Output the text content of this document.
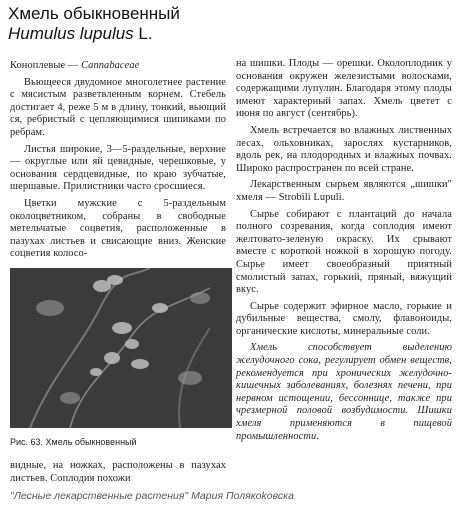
Хмель обыкновенный
Humulus lupulus L.

Коноплевые — Cannabaceae

Вьющееся двудомное многолетнее растение с мясистым разветвленным корнем. Стебель достигает 4, реже 5 м в длину, тонкий, вьющий ся, ребристый с цепляющимися шипиками по ребрам.

Листья широкие, 3—5-раздельные, верхние — округлые или яй цевидные, черешковые, у основания сердцевидные, по краю зубчатые, шершавые. Прилистники часто сросшиеся.

Цветки мужские с 5-раздельным околоцветником, собраны в свободные метельчатые соцветия, расположенные в пазухах листьев и свисающие вниз. Женские соцветия колосо-

Рис. 63. Хмель обыкновенный

видные, на ножках, расположены в пазухах листьев. Соплодия похожи

на шишки. Плоды — орешки. Околоплодник у основания окружен железистыми волосками, содержащими лупулин. Благодаря этому плоды имеют характерный запах. Хмель цветет с июня по август (сентябрь).

Хмель встречается во влажных лиственных лесах, ольховниках, зарослях кустарников, вдоль рек, на плодородных и влажных почвах. Широко распространен по всей стране.

Лекарственным сырьем являются „шишки" хмеля — Strobili Lupuli.

Сырье собирают с плантаций до начала полного созревания, когда соплодия имеют желтовато-зеленую окраску. Их срывают вместе с короткой ножкой в хорошую погоду. Сырье имеет своеобразный приятный смолистый запах, горький, пряный, вяжущий вкус.

Сырье содержит эфирное масло, горькие и дубильные вещества, смолу, флавоноиды, органические кислоты, минеральные соли.

Хмель способствует выделению желудочного сока, регулирует обмен веществ, рекомендуется при хронических желудочно-кишечных заболеваниях, болезнях печени, при нервном истощении, бессоннице, также при чрезмерной половой возбудимости. Шишки хмеля применяются в пищевой промышленности.

"Лесные лекарственные растения" Мария Полякоkовска
